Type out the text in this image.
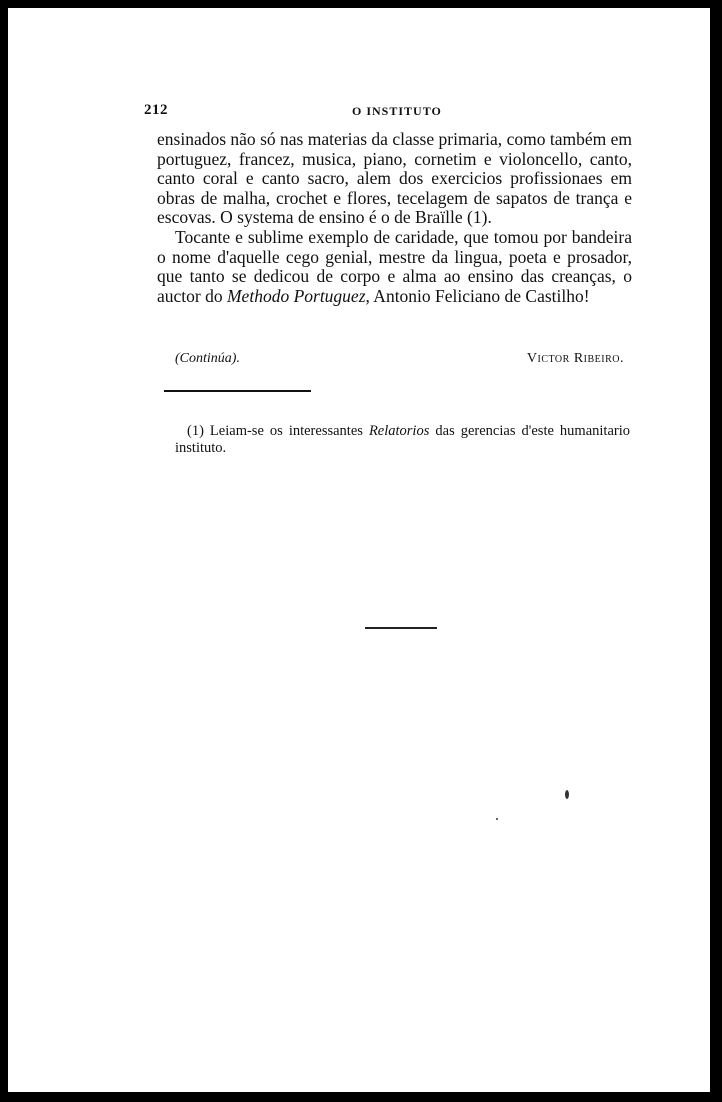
212	O INSTITUTO

ensinados não só nas materias da classe primaria, como também em portuguez, francez, musica, piano, cornetim e violoncello, canto, canto coral e canto sacro, alem dos exercicios profissionaes em obras de malha, crochet e flores, tecelagem de sapatos de trança e escovas. O systema de ensino é o de Braïlle (1).

Tocante e sublime exemplo de caridade, que tomou por bandeira o nome d'aquelle cego genial, mestre da lingua, poeta e prosador, que tanto se dedicou de corpo e alma ao ensino das creanças, o auctor do Methodo Portuguez, Antonio Feliciano de Castilho!

(Continúa).	Victor Ribeiro.

(1) Leiam-se os interessantes Relatorios das gerencias d'este humanitario instituto.
